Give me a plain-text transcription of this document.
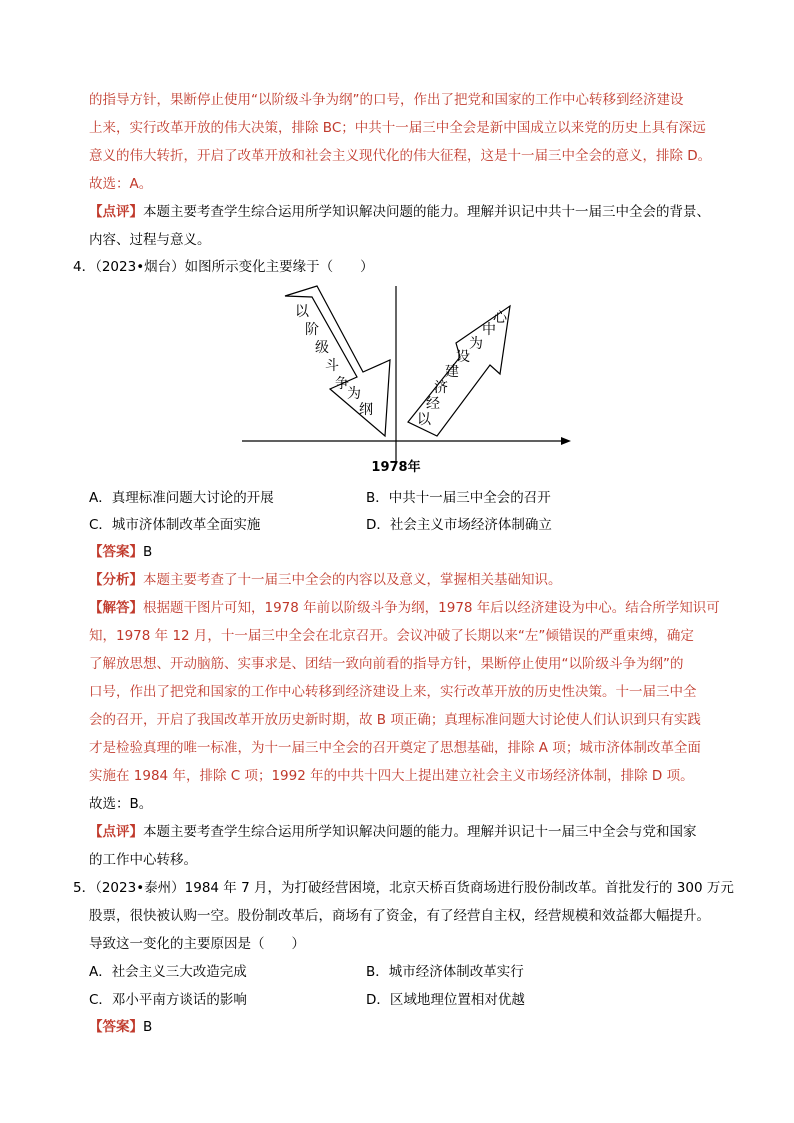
的指导方针，果断停止使用“以阶级斗争为纲”的口号，作出了把党和国家的工作中心转移到经济建设

上来，实行改革开放的伟大决策，排除 BC；中共十一届三中全会是新中国成立以来党的历史上具有深远

意义的伟大转折，开启了改革开放和社会主义现代化的伟大征程，这是十一届三中全会的意义，排除 D。

故选：A。

【点评】本题主要考查学生综合运用所学知识解决问题的能力。理解并识记中共十一届三中全会的背景、

内容、过程与意义。

4．（2023•烟台）如图所示变化主要缘于（　　）
以
阶
级
斗
争
为
纲
以
经
济
建
设
为
中
心
1978年
A．真理标准问题大讨论的开展	B．中共十一届三中全会的召开
C．城市济体制改革全面实施	D．社会主义市场经济体制确立

【答案】B

【分析】本题主要考查了十一届三中全会的内容以及意义，掌握相关基础知识。

【解答】根据题干图片可知，1978 年前以阶级斗争为纲，1978 年后以经济建设为中心。结合所学知识可

知，1978 年 12 月，十一届三中全会在北京召开。会议冲破了长期以来“左”倾错误的严重束缚，确定

了解放思想、开动脑筋、实事求是、团结一致向前看的指导方针，果断停止使用“以阶级斗争为纲”的

口号，作出了把党和国家的工作中心转移到经济建设上来，实行改革开放的历史性决策。十一届三中全

会的召开，开启了我国改革开放历史新时期，故 B 项正确；真理标准问题大讨论使人们认识到只有实践

才是检验真理的唯一标准，为十一届三中全会的召开奠定了思想基础，排除 A 项；城市济体制改革全面

实施在 1984 年，排除 C 项；1992 年的中共十四大上提出建立社会主义市场经济体制，排除 D 项。

故选：B。

【点评】本题主要考查学生综合运用所学知识解决问题的能力。理解并识记十一届三中全会与党和国家

的工作中心转移。

5．（2023•泰州）1984 年 7 月，为打破经营困境，北京天桥百货商场进行股份制改革。首批发行的 300 万元

股票，很快被认购一空。股份制改革后，商场有了资金，有了经营自主权，经营规模和效益都大幅提升。

导致这一变化的主要原因是（　　）

A．社会主义三大改造完成	B．城市经济体制改革实行
C．邓小平南方谈话的影响	D．区域地理位置相对优越

【答案】B
